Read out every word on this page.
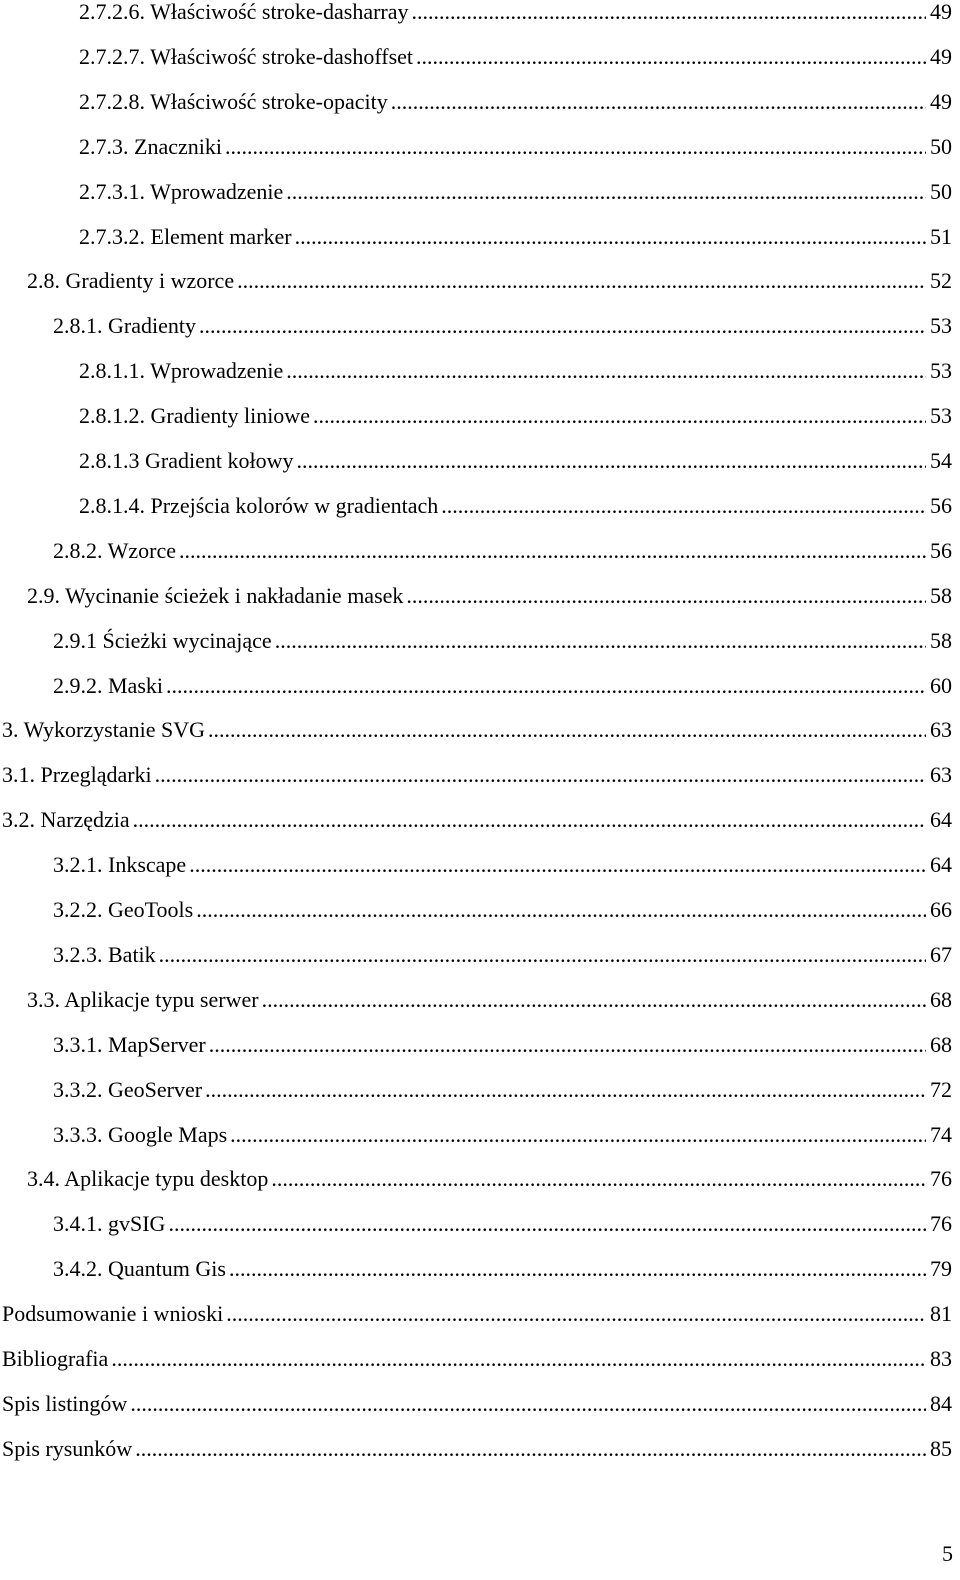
2.7.2.6. Właściwość stroke-dasharray .....	49
2.7.2.7. Właściwość stroke-dashoffset .....	49
2.7.2.8. Właściwość stroke-opacity .....	49
2.7.3. Znaczniki .....	50
2.7.3.1. Wprowadzenie .....	50
2.7.3.2. Element marker .....	51
2.8. Gradienty i wzorce .....	52
2.8.1. Gradienty .....	53
2.8.1.1. Wprowadzenie .....	53
2.8.1.2. Gradienty liniowe .....	53
2.8.1.3 Gradient kołowy .....	54
2.8.1.4. Przejścia kolorów w gradientach .....	56
2.8.2. Wzorce .....	56
2.9. Wycinanie ścieżek i nakładanie masek .....	58
2.9.1 Ścieżki wycinające .....	58
2.9.2. Maski .....	60
3. Wykorzystanie SVG .....	63
3.1. Przeglądarki .....	63
3.2. Narzędzia .....	64
3.2.1. Inkscape .....	64
3.2.2. GeoTools .....	66
3.2.3. Batik .....	67
3.3. Aplikacje typu serwer .....	68
3.3.1. MapServer .....	68
3.3.2. GeoServer .....	72
3.3.3. Google Maps .....	74
3.4. Aplikacje typu desktop .....	76
3.4.1. gvSIG .....	76
3.4.2. Quantum Gis .....	79
Podsumowanie i wnioski .....	81
Bibliografia .....	83
Spis listingów .....	84
Spis rysunków .....	85
5
